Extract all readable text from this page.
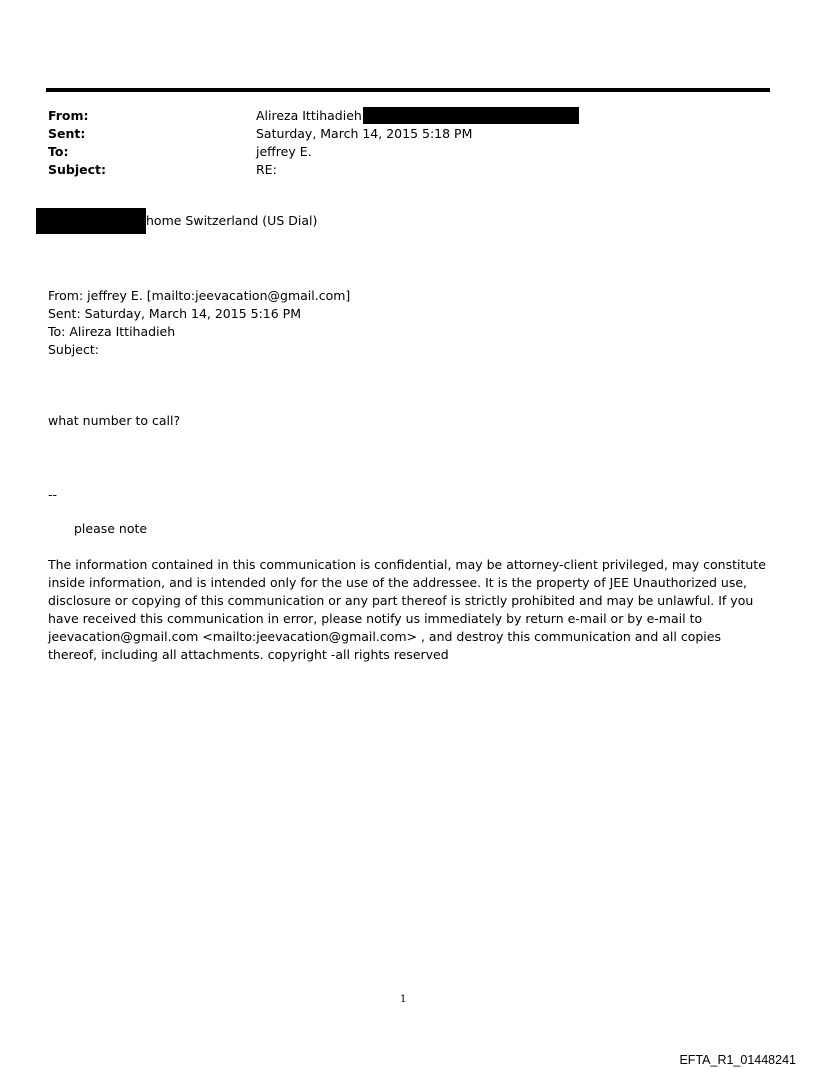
From:	Alireza Ittihadieh
Sent:	Saturday, March 14, 2015 5:18 PM
To:	jeffrey E.
Subject:	RE:
home Switzerland (US Dial)
From: jeffrey E. [mailto:jeevacation@gmail.com]
Sent: Saturday, March 14, 2015 5:16 PM
To: Alireza Ittihadieh
Subject:
what number to call?
--
please note
The information contained in this communication is confidential, may be attorney-client privileged, may constitute inside information, and is intended only for the use of the addressee. It is the property of JEE Unauthorized use, disclosure or copying of this communication or any part thereof is strictly prohibited and may be unlawful. If you have received this communication in error, please notify us immediately by return e-mail or by e-mail to jeevacation@gmail.com <mailto:jeevacation@gmail.com> , and destroy this communication and all copies thereof, including all attachments. copyright -all rights reserved
1
EFTA_R1_01448241
